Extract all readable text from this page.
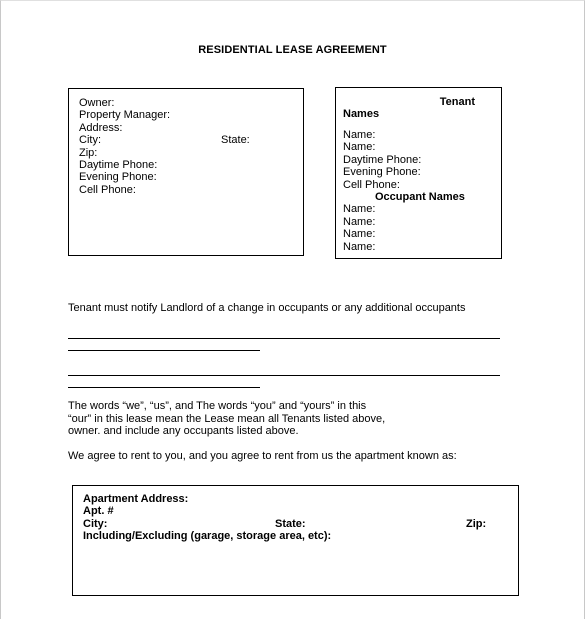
RESIDENTIAL LEASE AGREEMENT
Owner:
Property Manager:
Address:
City:
Zip:
Daytime Phone:
Evening Phone:
Cell Phone:
State:
Tenant
Names
Name:
Name:
Daytime Phone:
Evening Phone:
Cell Phone:
Occupant Names
Name:
Name:
Name:
Name:
Tenant must notify Landlord of a change in occupants or any additional occupants
The words “we”, “us”, and The words “you” and “yours” in this
“our” in this lease mean the Lease mean all Tenants listed above,
owner. and include any occupants listed above.
We agree to rent to you, and you agree to rent from us the apartment known as:
Apartment Address:
Apt. #
City:	State:	Zip:
Including/Excluding (garage, storage area, etc):
